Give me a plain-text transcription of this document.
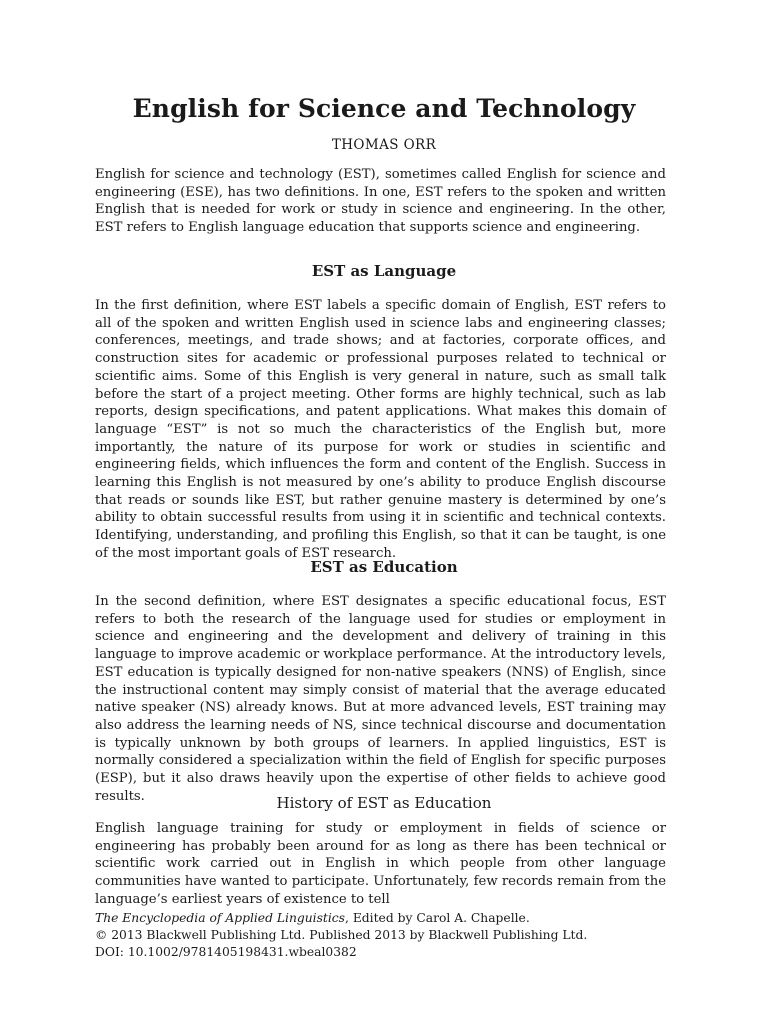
English for Science and Technology
THOMAS ORR

English for science and technology (EST), sometimes called English for science and engineering (ESE), has two definitions. In one, EST refers to the spoken and written English that is needed for work or study in science and engineering. In the other, EST refers to English language education that supports science and engineering.

EST as Language

In the first definition, where EST labels a specific domain of English, EST refers to all of the spoken and written English used in science labs and engineering classes; conferences, meetings, and trade shows; and at factories, corporate offices, and construction sites for academic or professional purposes related to technical or scientific aims. Some of this English is very general in nature, such as small talk before the start of a project meeting. Other forms are highly technical, such as lab reports, design specifications, and patent applications. What makes this domain of language “EST” is not so much the characteristics of the English but, more importantly, the nature of its purpose for work or studies in scientific and engineering fields, which influences the form and content of the English. Success in learning this English is not measured by one’s ability to produce English discourse that reads or sounds like EST, but rather genuine mastery is determined by one’s ability to obtain successful results from using it in scientific and technical contexts. Identifying, understanding, and profiling this English, so that it can be taught, is one of the most important goals of EST research.

EST as Education

In the second definition, where EST designates a specific educational focus, EST refers to both the research of the language used for studies or employment in science and engineering and the development and delivery of training in this language to improve academic or workplace performance. At the introductory levels, EST education is typically designed for non-native speakers (NNS) of English, since the instructional content may simply consist of material that the average educated native speaker (NS) already knows. But at more advanced levels, EST training may also address the learning needs of NS, since technical discourse and documentation is typically unknown by both groups of learners. In applied linguistics, EST is normally considered a specialization within the field of English for specific purposes (ESP), but it also draws heavily upon the expertise of other fields to achieve good results.	History of EST as Education

English language training for study or employment in fields of science or engineering has probably been around for as long as there has been technical or scientific work carried out in English in which people from other language communities have wanted to participate. Unfortunately, few records remain from the language’s earliest years of existence to tell

The Encyclopedia of Applied Linguistics, Edited by Carol A. Chapelle.
© 2013 Blackwell Publishing Ltd. Published 2013 by Blackwell Publishing Ltd.
DOI: 10.1002/9781405198431.wbeal0382
